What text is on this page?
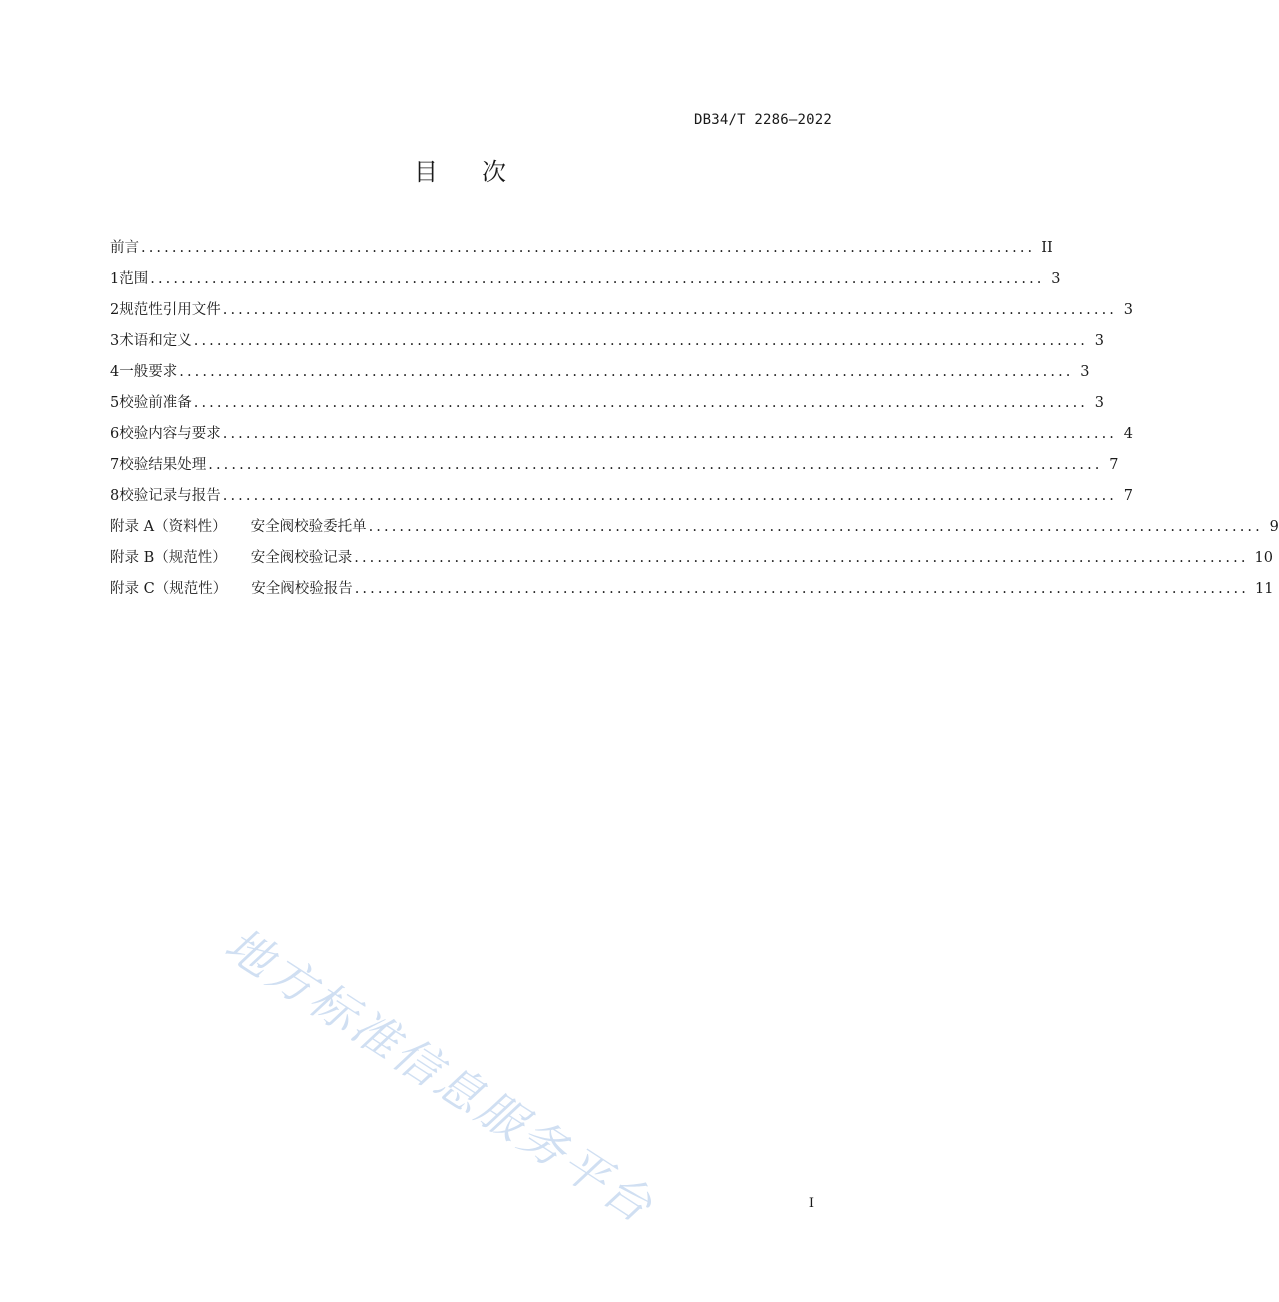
DB34/T 2286—2022
目 次
前言 .................................................................................................................... II
1 范围 .................................................................................................................... 3
2 规范性引用文件 .................................................................................................................... 3
3 术语和定义 .................................................................................................................... 3
4 一般要求 .................................................................................................................... 3
5 校验前准备 .................................................................................................................... 3
6 校验内容与要求 .................................................................................................................... 4
7 校验结果处理 .................................................................................................................... 7
8 校验记录与报告 .................................................................................................................... 7
附录 A（资料性） 安全阀校验委托单 .................................................................................................................... 9
附录 B（规范性） 安全阀校验记录 .................................................................................................................... 10
附录 C（规范性） 安全阀校验报告 .................................................................................................................... 11
地方标准信息服务平台	I
